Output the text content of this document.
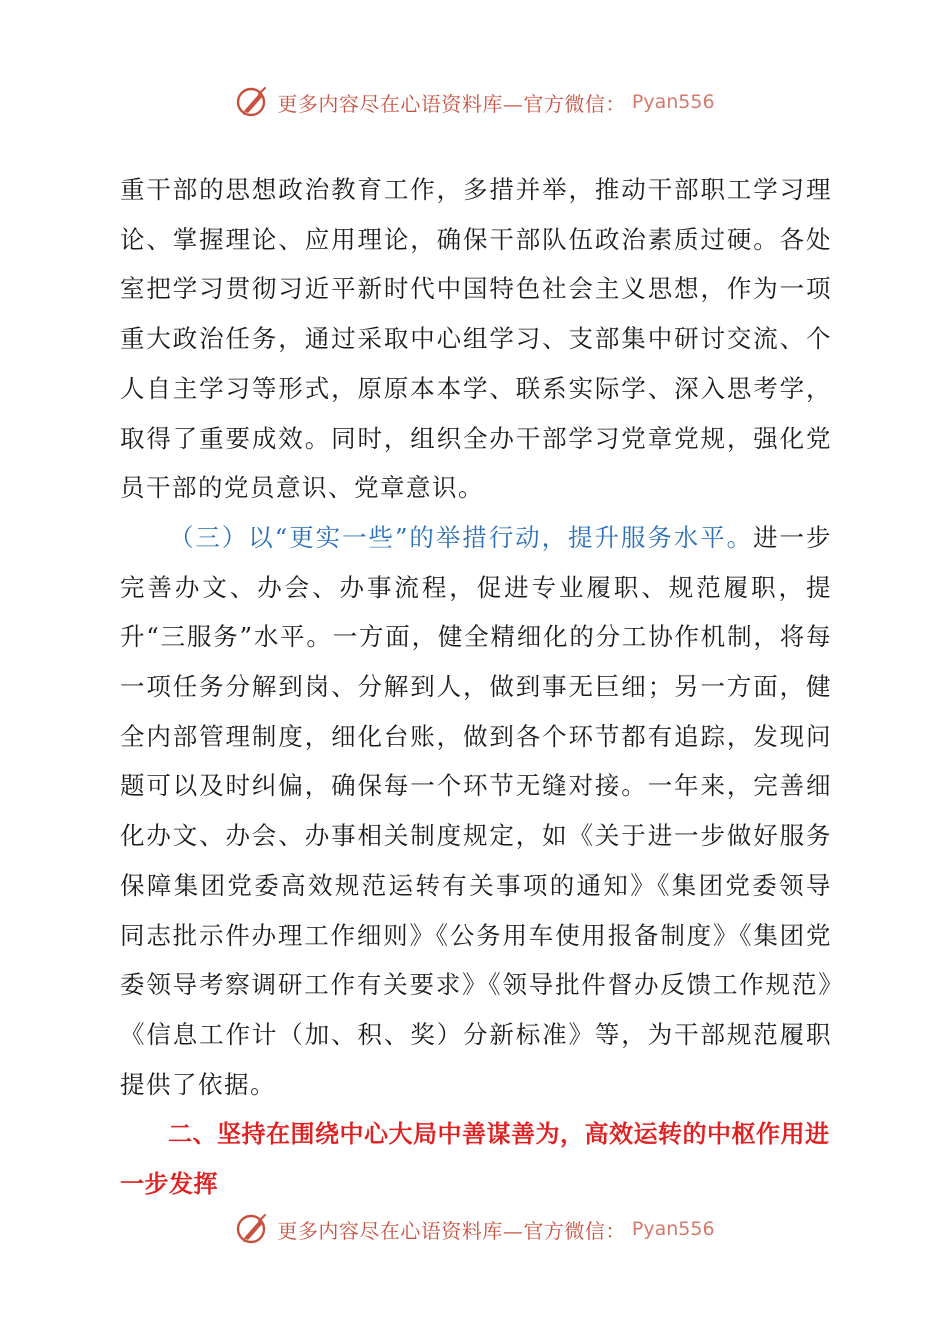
更多内容尽在心语资料库—官方微信： Pyan556

重干部的思想政治教育工作，多措并举，推动干部职工学习理论、掌握理论、应用理论，确保干部队伍政治素质过硬。各处室把学习贯彻习近平新时代中国特色社会主义思想，作为一项重大政治任务，通过采取中心组学习、支部集中研讨交流、个人自主学习等形式，原原本本学、联系实际学、深入思考学，取得了重要成效。同时，组织全办干部学习党章党规，强化党员干部的党员意识、党章意识。

（三）以“更实一些”的举措行动，提升服务水平。进一步完善办文、办会、办事流程，促进专业履职、规范履职，提升“三服务”水平。一方面，健全精细化的分工协作机制，将每一项任务分解到岗、分解到人，做到事无巨细；另一方面，健全内部管理制度，细化台账，做到各个环节都有追踪，发现问题可以及时纠偏，确保每一个环节无缝对接。一年来，完善细化办文、办会、办事相关制度规定，如《关于进一步做好服务保障集团党委高效规范运转有关事项的通知》《集团党委领导同志批示件办理工作细则》《公务用车使用报备制度》《集团党委领导考察调研工作有关要求》《领导批件督办反馈工作规范》《信息工作计（加、积、奖）分新标准》等，为干部规范履职提供了依据。

二、坚持在围绕中心大局中善谋善为，高效运转的中枢作用进一步发挥

更多内容尽在心语资料库—官方微信： Pyan556
